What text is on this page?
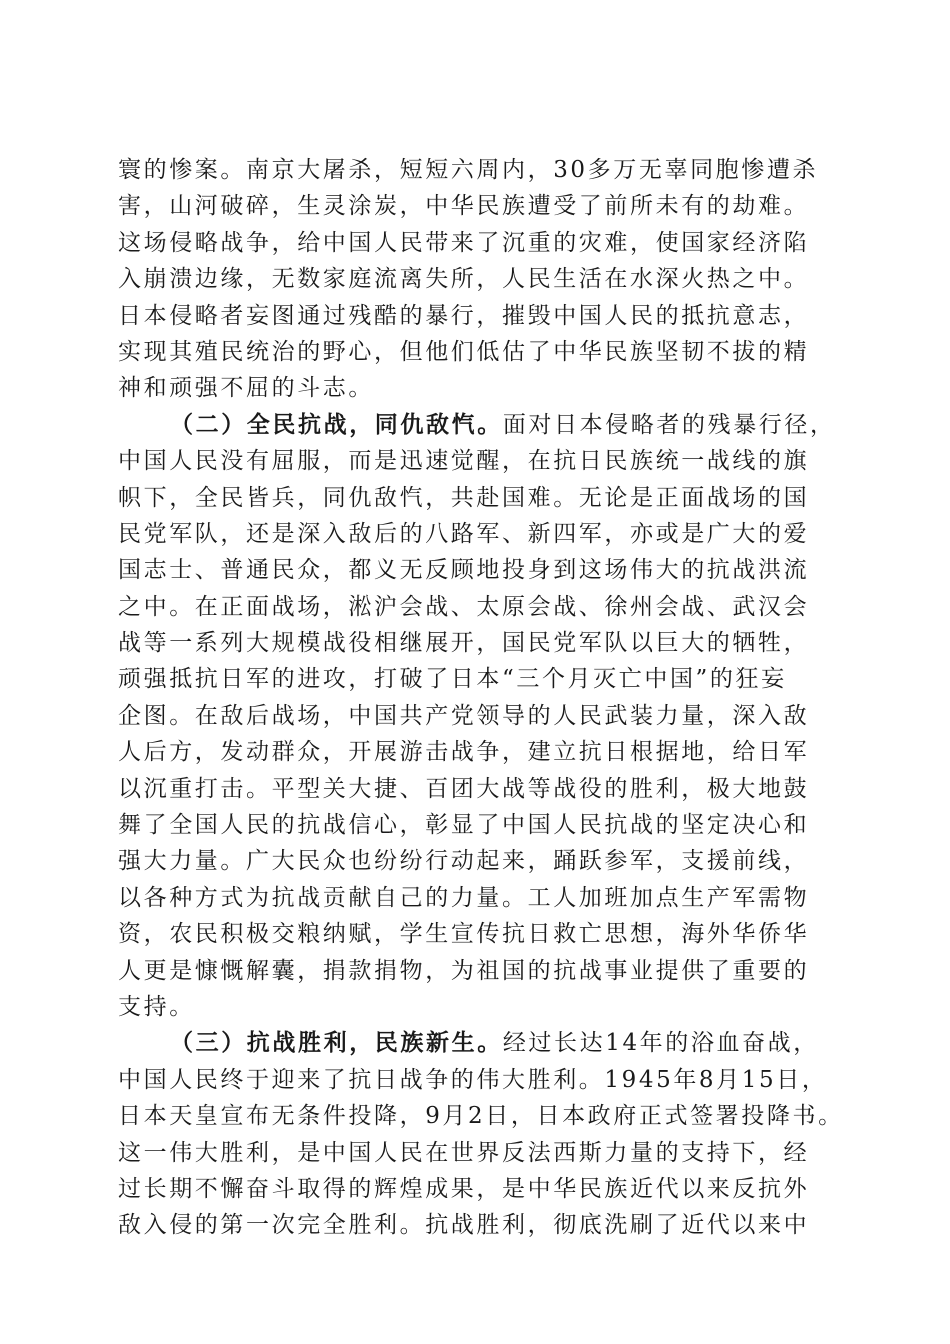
寰的惨案。南京大屠杀，短短六周内，30多万无辜同胞惨遭杀
害，山河破碎，生灵涂炭，中华民族遭受了前所未有的劫难。
这场侵略战争，给中国人民带来了沉重的灾难，使国家经济陷
入崩溃边缘，无数家庭流离失所，人民生活在水深火热之中。
日本侵略者妄图通过残酷的暴行，摧毁中国人民的抵抗意志，
实现其殖民统治的野心，但他们低估了中华民族坚韧不拔的精
神和顽强不屈的斗志。
（二）全民抗战，同仇敌忾。面对日本侵略者的残暴行径，
中国人民没有屈服，而是迅速觉醒，在抗日民族统一战线的旗
帜下，全民皆兵，同仇敌忾，共赴国难。无论是正面战场的国
民党军队，还是深入敌后的八路军、新四军，亦或是广大的爱
国志士、普通民众，都义无反顾地投身到这场伟大的抗战洪流
之中。在正面战场，淞沪会战、太原会战、徐州会战、武汉会
战等一系列大规模战役相继展开，国民党军队以巨大的牺牲，
顽强抵抗日军的进攻，打破了日本“三个月灭亡中国”的狂妄
企图。在敌后战场，中国共产党领导的人民武装力量，深入敌
人后方，发动群众，开展游击战争，建立抗日根据地，给日军
以沉重打击。平型关大捷、百团大战等战役的胜利，极大地鼓
舞了全国人民的抗战信心，彰显了中国人民抗战的坚定决心和
强大力量。广大民众也纷纷行动起来，踊跃参军，支援前线，
以各种方式为抗战贡献自己的力量。工人加班加点生产军需物
资，农民积极交粮纳赋，学生宣传抗日救亡思想，海外华侨华
人更是慷慨解囊，捐款捐物，为祖国的抗战事业提供了重要的
支持。
（三）抗战胜利，民族新生。经过长达14年的浴血奋战，
中国人民终于迎来了抗日战争的伟大胜利。1945年8月15日，
日本天皇宣布无条件投降，9月2日，日本政府正式签署投降书。
这一伟大胜利，是中国人民在世界反法西斯力量的支持下，经
过长期不懈奋斗取得的辉煌成果，是中华民族近代以来反抗外
敌入侵的第一次完全胜利。抗战胜利，彻底洗刷了近代以来中
